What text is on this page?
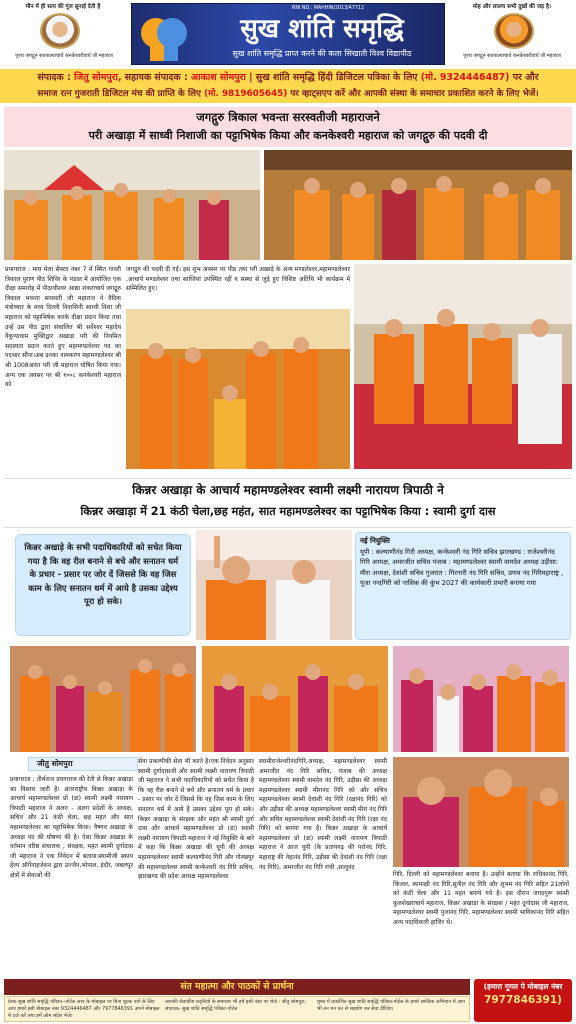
मौन में ही सत्य की गूंज सुनाई देती है
पूज्य जगद्गुरु सतपाल्याचार्य कनकेश्वरीवार्य जी महाराज
RNI NO.: MAHHIN/2013/47712
सुख शांति समृद्धि
सुख शांति समृद्धि प्राप्त करने की कला सिखाती विश्व विद्यापीठ
मोह और लालच सभी दुखों की जड़ है।
पूज्य जगद्गुरु सतपाल्याचार्य कनकेश्वरीवार्य जी महाराज
संपादक : जितु सोमपुरा, सहायक संपादक : आकाश सोमपुरा | सुख शांति समृद्धि हिंदी डिजिटल पत्रिका के लिए (मो. 9324446487) पर और
समाज रत्न गुजराती डिजिटल मंच की प्राप्ति के लिए (मो. 9819605645) पर व्हाट्सएप करें और आपकी संस्था के समाचार प्रकाशित करने के लिए भेजें।
जगद्गुरु त्रिकाल भवन्ता सरस्वतीजी महाराजने
परी अखाड़ा में साध्वी निशाजी का पट्टाभिषेक किया और कनकेश्वरी महाराज को जगद्गुरु की पदवी दी
प्रयागराज : माघ मेला सेक्टर नंबर 7 में स्थित गावरी त्रिकाल पुराण पीठ शिविर के पंडाल में आयोजित एक दीक्षा समारोह में पीठाधीश्वर आद्या शंकराचार्य जगद्गुरु त्रिकाल भवन्ता सरस्वती जी महाराज ने वैदिक मंत्रोच्चार के मध्य दिल्ली निवासिनी साध्वी निशा जी महाराज को पट्टाभिषेक करके दीक्षा प्रदान किया तथा उन्हें उस पीठ द्वारा संचालित श्री सर्वेश्वर महादेव वैकुण्ठधाम मुक्तिद्वार अखाड़ा परी की नियमित सदस्यता प्रदान करते हुए महामण्डलेश्वर पद का पदभार सौंपा।अब उनका नामकरण महामण्डलेश्वर श्री श्री 1008अनंत परी जी महाराज घोषित किया गया। अन्य एक अवसर पर श्री १००८ कनकेश्वरी महाराज को
जगद्गुरु की पदवी दी गई। इस शुभ अवसर पर पीठ तथा परी अखाड़े के अन्य मण्डलेश्वर,महामण्डलेश्वर ,आचार्य मण्डलेश्वर तथा साध्वियां उपस्थित रहीं व संस्था से जुड़े हुए विशिष्ट अतिथि भी कार्यक्रम में सम्मिलित हुए।
किन्नर अखाड़ा के आचार्य महामण्डलेश्वर स्वामी लक्ष्मी नारायण त्रिपाठी ने
किन्नर अखाड़ा में 21 कंठी चेला,छह महंत, सात महामण्डलेश्वर का पट्टाभिषेक किया : स्वामी दुर्गा दास
किन्नर अखाड़े के सभी पदाधिकारियों को सचेत किया गया है कि वह रील बनाने से बचे और सनातन धर्म के प्रचार - प्रसार पर जोर दें जिससे कि वह जिस काम के लिए सनातन धर्म में आये है उसका उद्देश्य पूरा हो सके।
नई नियुक्ति
यूपी : कल्याणीनंद गिरी अध्यक्ष, कन्केश्वरी नंद गिरि सचिव झारखण्ड : राजेश्वरीनंद गिरि अध्यक्ष, अमरजीत सचिव पंजाब : महामण्डलेश्वर स्वामी वामदेव अध्यक्ष उड़ीसा: मीरा अध्यक्ष, देवांशी सचिव गुजरात : गिरनारी नंद गिरि सचिव, प्रणव नंद गिरिमहाराष्ट्र , पूजा नन्दगिरी को नासिक की कुंभ 2027 की कार्यकारी प्रभारी बनाया गया
जीतु सोमपुरा
प्रयागराज : तीर्थराज प्रयागराज की रेती से किन्नर अखाड़ा का विस्तार जारी है। अंतरराष्ट्रीय किन्नर अखाड़ा के आचार्य महामण्डलेश्वर प्रो (डा) स्वामी लक्ष्मी नारायण त्रिपाठी महाराज ने अलग - अलग प्रदेशों के अध्यक्ष, सचिव और 21 कंठी चेला, छह महंत और सात महामण्डलेश्वर का पट्टाभिषेक किया। वैष्णव अखाड़ा के अध्यक्ष पद की घोषणा की है। ऐसा किन्नर अखाड़ा के वर्तमान वरिष्ठ संचालक , संरक्षक, महंत स्वामी दुर्गादास जी महाराज ने एक निवेदन में बताया।स्वामीजी स्काय हेल्प ऑर्गेनाइजेशन द्वारा उज्जैन,भोपाल, इंदौर, जबलपुर क्षेत्रों में सेवाओं की
सेवा प्रकल्पीकी सेवा भी करते है।एक निवेदन अनुसार स्वामी दुर्गादासजी और स्वामी लक्ष्मी नारायण त्रिपाठी जी महाराज ने सभी पदाधिकारियों को सचेत किया है कि वह रील बनाने से बचें और सनातन धर्म के प्रचार - प्रसार पर जोर दें जिससे कि वह जिस काम के लिए सनातन धर्म में आये है उसका उद्देश्य पूरा हो सके।किन्नर अखाड़ा के संरक्षक और महंत श्री स्वामी दुर्गा दास और आचार्य महामण्डलेश्वर प्रो (डा) स्वामी लक्ष्मी नारायण त्रिपाठी महाराज ने नई नियुक्ति के बारे में कहा कि किन्नर अखाड़ा की यूपी की अध्यक्ष महामण्डलेश्वर स्वामी कल्याणीनंद गिरी और गोरखपुर की महामण्डलेश्वर स्वामी कन्केश्वरी नंद गिरि सचिव, झारखण्ड की प्रदेश अध्यक्ष महामण्डलेश्वर
स्वामीराजेश्वरीनंदगिरि,अध्यक्ष, महामण्डलेश्वर स्वामी अमरजीत नंद गिरि सचिव, पंजाब की अध्यक्ष महामण्डलेश्वर स्वामी वामदेव नंद गिरि, उड़ीसा की अध्यक्ष महामण्डलेश्वर स्वामी मीरानंद गिरि को और सचिव महामण्डलेश्वर स्वामी देवांशी नंद गिरि (रक्षानंद गिरि) को और उड़ीसा की अध्यक्ष महामण्डलेश्वर स्वामी मीरा नंद गिरि और सचिव महामण्डलेश्वर स्वामी देवांशी नंद गिरि (रक्षा नंद गिरि) को बनाया गया है। किन्नर अखाड़ा के आचार्य महामण्डलेश्वर प्रो (डा) स्वामी लक्ष्मी नारायण त्रिपाठी महाराज ने आज यूपी (के प्रतापगढ़ की परोनंद गिरि, महाराष्ट्र की नेहानंद गिरि, उड़ीसा की देवांशी नंद गिरि (रक्षा नंद गिरि), अमरजीत नंद गिरि रांची ,सालूनंद
गिरि, दिल्ली को महामण्डलेश्वर बनाया है। उन्होंने बताया कि राधिकानंद गिरि, किंजल, कामाक्षी नंद गिरि,सुनील नंद गिरि और शुभम नंद गिरि सहित 21लोगों को कंठी चेला और 11 महंत बनाये गये है। इस दौरान जगदगुरू स्वामी कुलशेखराचार्य महाराज, किन्नर अखाड़ा के संरक्षक / महंत दुर्गादास जी महाराज, महामण्डलेश्वर स्वामी पुजानंद गिरि, महामण्डलेश्वर स्वामी भाविकानंद गिरि सहित अन्य पदाधिकारी हाजिर थे।
संत महात्मा और पाठकों से प्रार्थना
प्रेरक सुख शांति समृद्धि पत्रिका--पोर्टल आप के मोबाइल पर बिना शुल्क पाने के लिए आप हमारे इसी मोबाइल नंबर 9324446487 और 7977846391 अपने मोबाइल में दर्ज करें तथा हमें ओम संदेश भेजें।
आपकी सेवाकीय प्रवृत्तियों के समाचार भी हमें इसी नंबर पर भेजे : जीतु सोमपुरा, संपादक- सुख शांति समृद्धि पत्रिका-पोर्टल
मुफ्त में प्रकाशित सुख शांति समृद्धि पत्रिका-पोर्टल के हमारे सात्विक अभियान में आप भी तन मन धन से सहयोग कर सेवा दीजिए।
(हमारा गूगल पे मोबाइल नंबर
7977846391)
